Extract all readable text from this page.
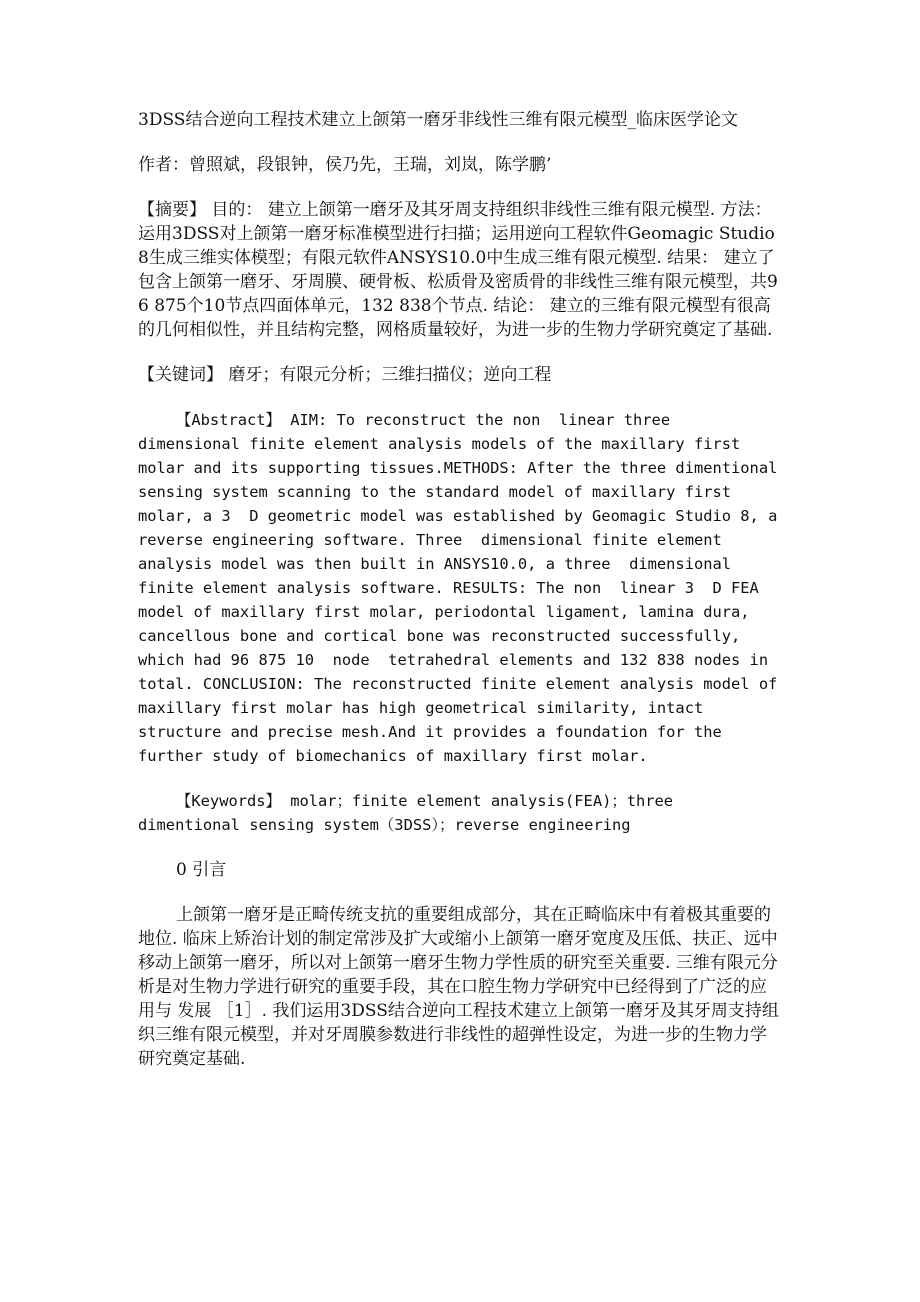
3DSS结合逆向工程技术建立上颌第一磨牙非线性三维有限元模型_临床医学论文

作者：曾照斌，段银钟，侯乃先，王瑞，刘岚，陈学鹏’

【摘要】 目的： 建立上颌第一磨牙及其牙周支持组织非线性三维有限元模型. 方法： 运用3DSS对上颌第一磨牙标准模型进行扫描；运用逆向工程软件Geomagic Studio 8生成三维实体模型；有限元软件ANSYS10.0中生成三维有限元模型. 结果： 建立了包含上颌第一磨牙、牙周膜、硬骨板、松质骨及密质骨的非线性三维有限元模型，共96 875个10节点四面体单元，132 838个节点. 结论： 建立的三维有限元模型有很高的几何相似性，并且结构完整，网格质量较好，为进一步的生物力学研究奠定了基础.

【关键词】 磨牙；有限元分析；三维扫描仪；逆向工程

【Abstract】 AIM: To reconstruct the non  linear three  dimensional finite element analysis models of the maxillary first molar and its supporting tissues.METHODS: After the three dimentional sensing system scanning to the standard model of maxillary first molar, a 3  D geometric model was established by Geomagic Studio 8, a reverse engineering software. Three  dimensional finite element analysis model was then built in ANSYS10.0, a three  dimensional finite element analysis software. RESULTS: The non  linear 3  D FEA model of maxillary first molar, periodontal ligament, lamina dura, cancellous bone and cortical bone was reconstructed successfully, which had 96 875 10  node  tetrahedral elements and 132 838 nodes in total. CONCLUSION: The reconstructed finite element analysis model of maxillary first molar has high geometrical similarity, intact structure and precise mesh.And it provides a foundation for the further study of biomechanics of maxillary first molar.

【Keywords】 molar；finite element analysis(FEA)；three dimentional sensing system（3DSS）；reverse engineering

0 引言

上颌第一磨牙是正畸传统支抗的重要组成部分，其在正畸临床中有着极其重要的地位. 临床上矫治计划的制定常涉及扩大或缩小上颌第一磨牙宽度及压低、扶正、远中移动上颌第一磨牙，所以对上颌第一磨牙生物力学性质的研究至关重要. 三维有限元分析是对生物力学进行研究的重要手段，其在口腔生物力学研究中已经得到了广泛的应用与 发展 ［1］. 我们运用3DSS结合逆向工程技术建立上颌第一磨牙及其牙周支持组织三维有限元模型，并对牙周膜参数进行非线性的超弹性设定，为进一步的生物力学研究奠定基础.
